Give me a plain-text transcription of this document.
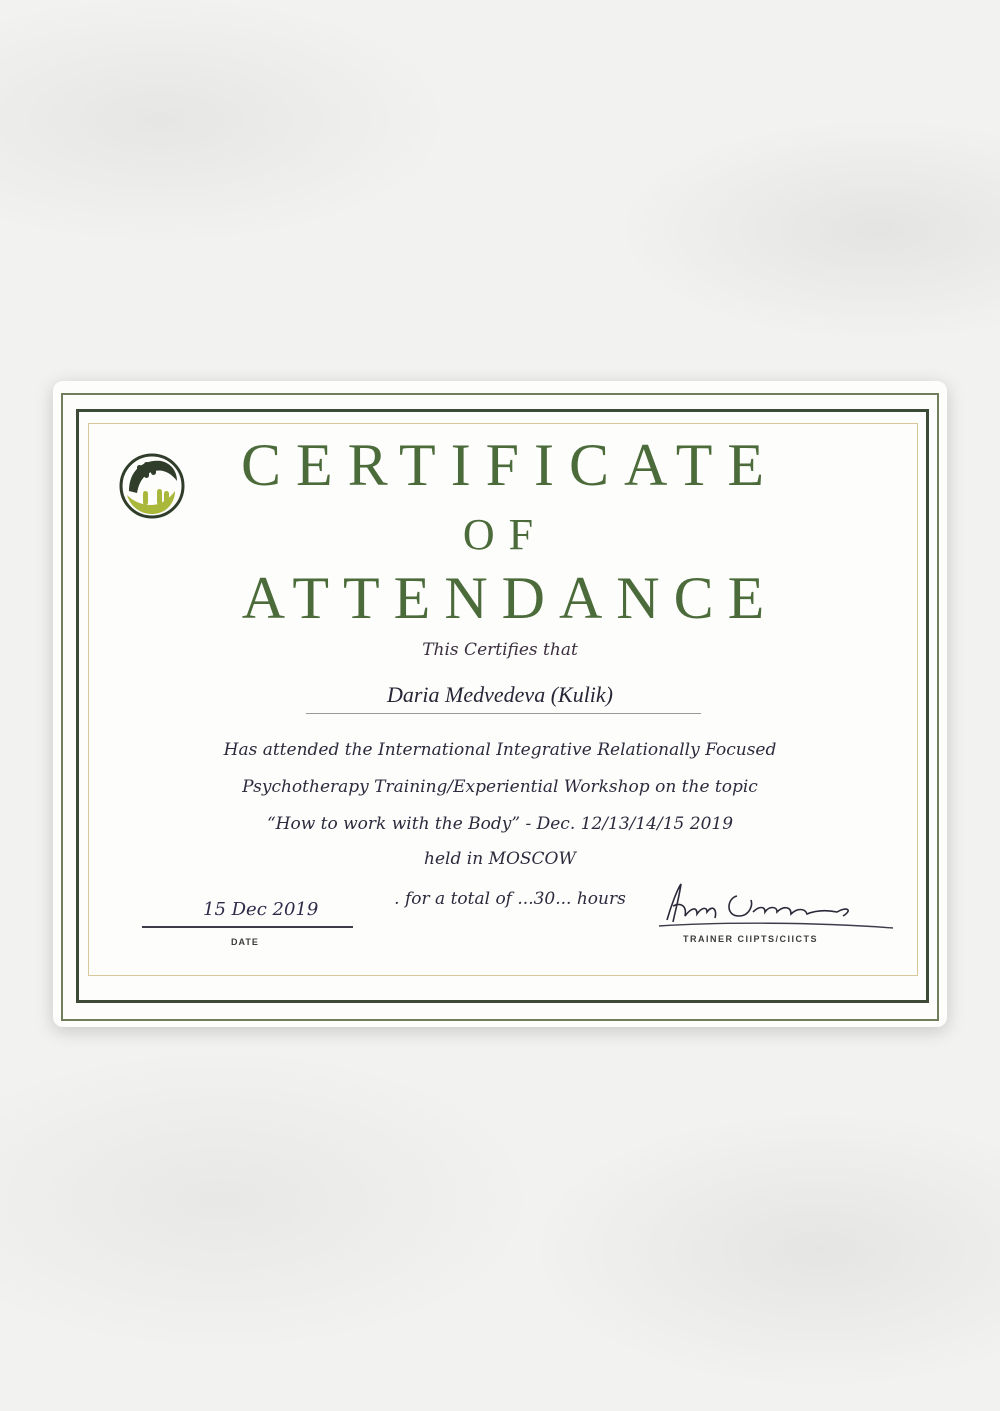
CERTIFICATE
OF
ATTENDANCE
This Certifies that
Daria Medvedeva (Kulik)
Has attended the International Integrative Relationally Focused
Psychotherapy Training/Experiential Workshop on the topic
“How to work with the Body” - Dec. 12/13/14/15 2019
held in MOSCOW
. for a total of ...30... hours
15 Dec 2019
DATE	TRAINER CIIPTS/CIICTS
